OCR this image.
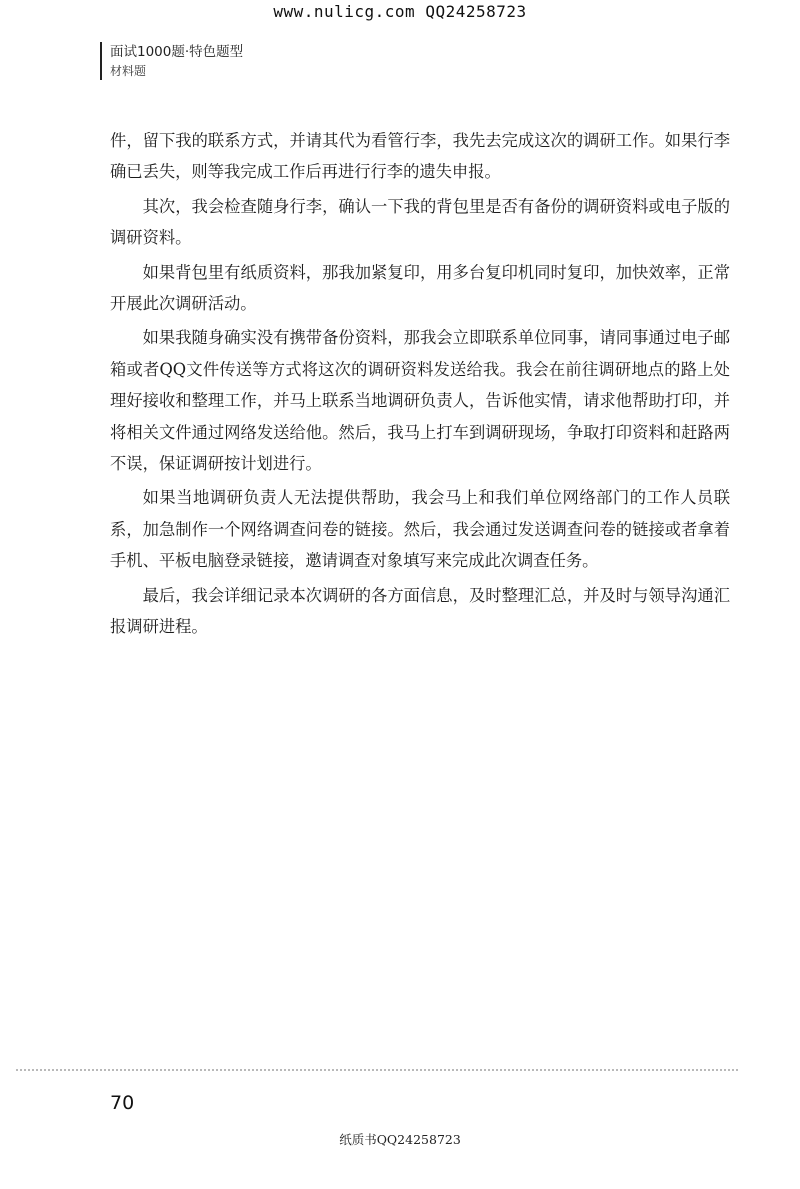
www.nulicg.com QQ24258723
面试1000题·特色题型
材料题

件，留下我的联系方式，并请其代为看管行李，我先去完成这次的调研工作。如果行李确已丢失，则等我完成工作后再进行行李的遗失申报。

其次，我会检查随身行李，确认一下我的背包里是否有备份的调研资料或电子版的调研资料。

如果背包里有纸质资料，那我加紧复印，用多台复印机同时复印，加快效率，正常开展此次调研活动。

如果我随身确实没有携带备份资料，那我会立即联系单位同事，请同事通过电子邮箱或者QQ文件传送等方式将这次的调研资料发送给我。我会在前往调研地点的路上处理好接收和整理工作，并马上联系当地调研负责人，告诉他实情，请求他帮助打印，并将相关文件通过网络发送给他。然后，我马上打车到调研现场，争取打印资料和赶路两不误，保证调研按计划进行。

如果当地调研负责人无法提供帮助，我会马上和我们单位网络部门的工作人员联系，加急制作一个网络调查问卷的链接。然后，我会通过发送调查问卷的链接或者拿着手机、平板电脑登录链接，邀请调查对象填写来完成此次调查任务。

最后，我会详细记录本次调研的各方面信息，及时整理汇总，并及时与领导沟通汇报调研进程。

70
纸质书QQ24258723
